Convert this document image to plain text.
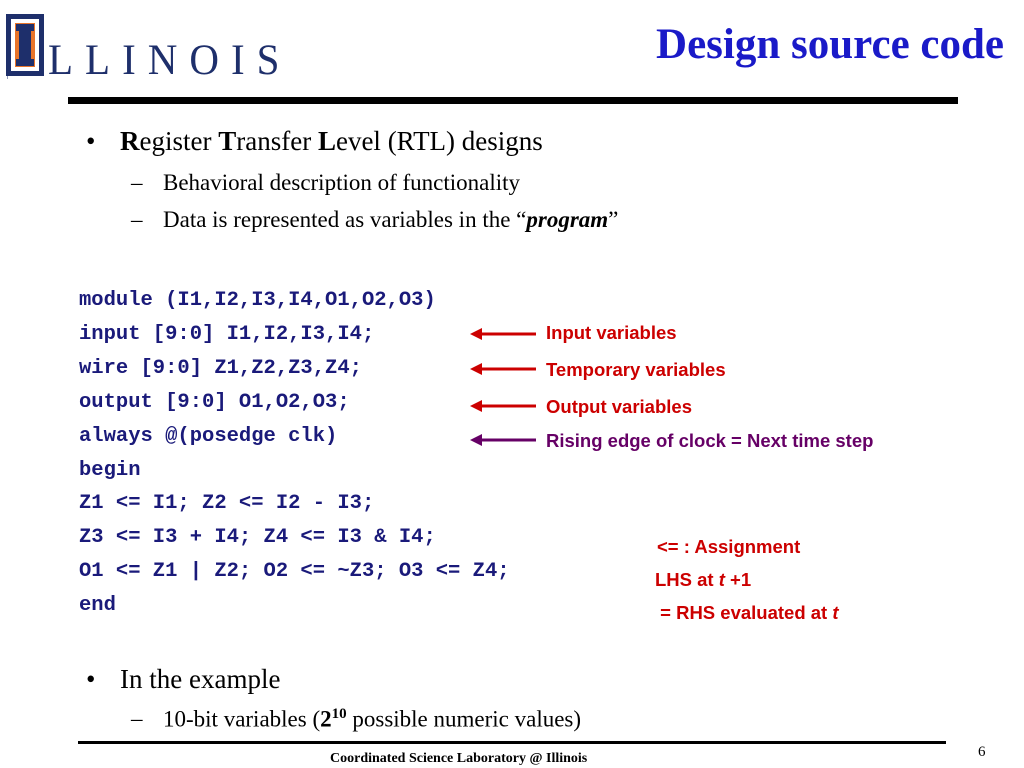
I LLINOIS	Design source code
• Register Transfer Level (RTL) designs
– Behavioral description of functionality
– Data is represented as variables in the “program”
module (I1,I2,I3,I4,O1,O2,O3)
input [9:0] I1,I2,I3,I4;
wire [9:0] Z1,Z2,Z3,Z4;
output [9:0] O1,O2,O3;
always @(posedge clk)
begin
Z1 <= I1; Z2 <= I2 - I3;
Z3 <= I3 + I4; Z4 <= I3 & I4;
O1 <= Z1 | Z2; O2 <= ~Z3; O3 <= Z4;
end
Input variables
Temporary variables
Output variables
Rising edge of clock = Next time step
<= : Assignment
LHS at t +1
= RHS evaluated at t
• In the example
– 10-bit variables ($2^{10}$ possible numeric values)
Coordinated Science Laboratory @ Illinois	6
